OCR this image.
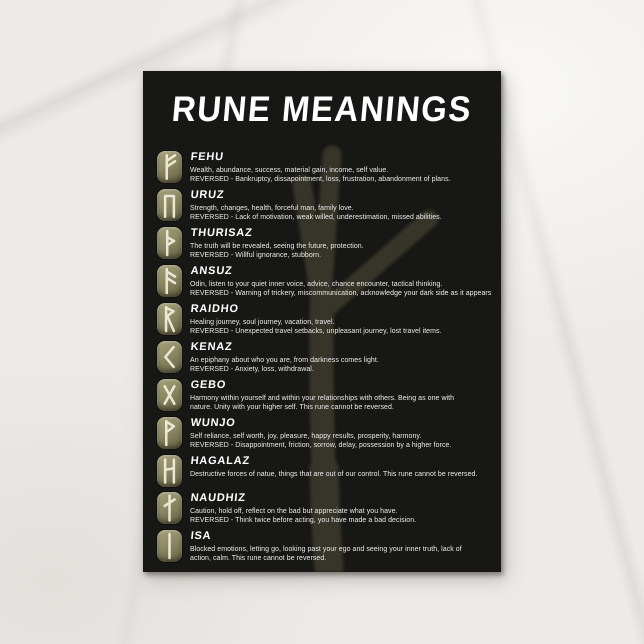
RUNE MEANINGS
FEHU
Wealth, abundance, success, material gain, income, self value.
REVERSED - Bankruptcy, dissapointment, loss, frustration, abandonment of plans.
URUZ
Strength, changes, health, forceful man, family love.
REVERSED - Lack of motivation, weak willed, underestimation, missed abilities.
THURISAZ
The truth will be revealed, seeing the future, protection.
REVERSED - Willful ignorance, stubborn.
ANSUZ
Odin, listen to your quiet inner voice, advice, chance encounter, tactical thinking.
REVERSED - Warning of trickery, miscommunication, acknowledge your dark side as it appears
RAIDHO
Healing journey, soul journey, vacation, travel.
REVERSED - Unexpected travel setbacks, unpleasant journey, lost travel items.
KENAZ
An epiphany about who you are, from darkness comes light.
REVERSED - Anxiety, loss, withdrawal.
GEBO
Harmony within yourself and within your relationships with others. Being as one with
nature. Unity with your higher self. This rune cannot be reversed.
WUNJO
Self reliance, self worth, joy, pleasure, happy results, prosperity, harmony.
REVERSED - Disappointment, friction, sorrow, delay, possession by a higher force.
HAGALAZ
Destructive forces of natue, things that are out of our control. This rune cannot be reversed.
NAUDHIZ
Caution, hold off, reflect on the bad but appreciate what you have.
REVERSED - Think twice before acting, you have made a bad decision.
ISA
Blocked emotions, letting go, looking past your ego and seeing your inner truth, lack of
action, calm. This rune cannot be reversed.
